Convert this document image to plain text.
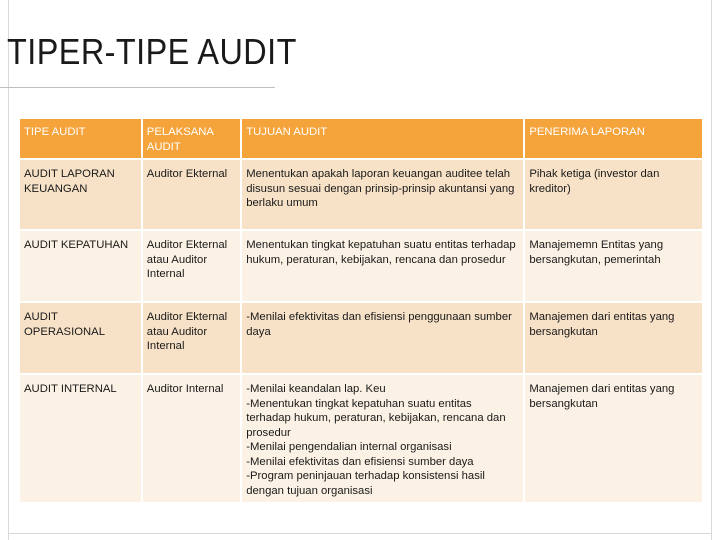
TIPER-TIPE AUDIT
TIPE AUDIT	PELAKSANA AUDIT	TUJUAN AUDIT	PENERIMA LAPORAN
AUDIT LAPORAN KEUANGAN	Auditor Ekternal	Menentukan apakah laporan keuangan auditee telah disusun sesuai dengan prinsip-prinsip akuntansi yang berlaku umum	Pihak ketiga (investor dan kreditor)
AUDIT KEPATUHAN	Auditor Ekternal atau Auditor Internal	Menentukan tingkat kepatuhan suatu entitas terhadap hukum, peraturan, kebijakan, rencana dan prosedur	Manajememn Entitas yang bersangkutan, pemerintah
AUDIT OPERASIONAL	Auditor Ekternal atau Auditor Internal	-Menilai efektivitas dan efisiensi penggunaan sumber daya	Manajemen dari entitas yang bersangkutan
AUDIT INTERNAL	Auditor Internal	-Menilai keandalan lap. Keu
-Menentukan tingkat kepatuhan suatu entitas terhadap hukum, peraturan, kebijakan, rencana dan prosedur
-Menilai pengendalian internal organisasi
-Menilai efektivitas dan efisiensi sumber daya
-Program peninjauan terhadap konsistensi hasil dengan tujuan organisasi	Manajemen dari entitas yang bersangkutan
